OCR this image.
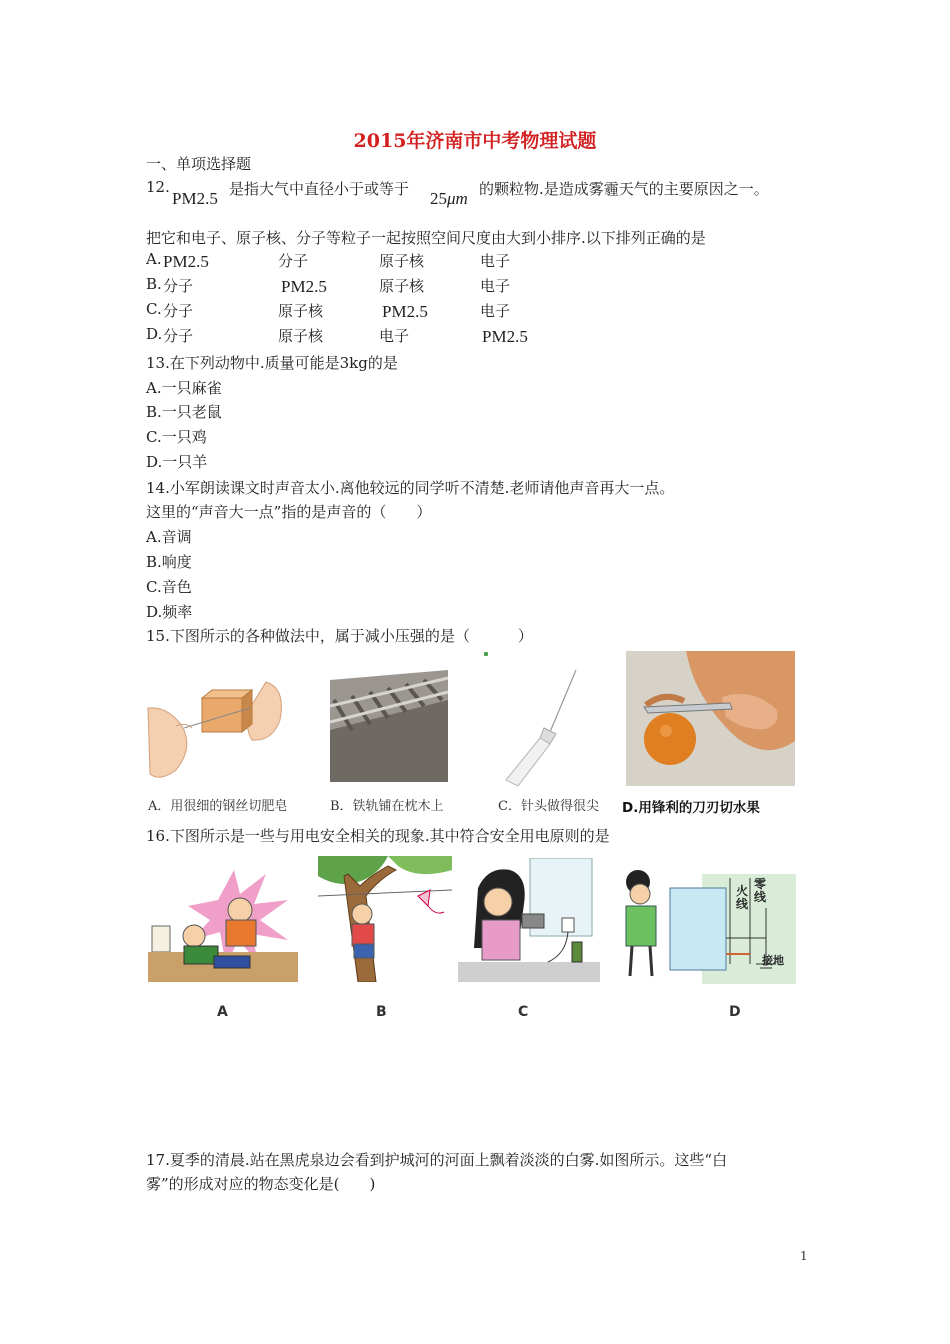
2015年济南市中考物理试题
一、单项选择题
12.
PM2.5 是指大气中直径小于或等于 25μm 的颗粒物.是造成雾霾天气的主要原因之一。
把它和电子、原子核、分子等粒子一起按照空间尺度由大到小排序.以下排列正确的是
A. PM2.5	分子	原子核	电子
B. 分子	PM2.5	原子核	电子
C. 分子	原子核	PM2.5	电子
D. 分子	原子核	电子	PM2.5
13.在下列动物中.质量可能是3kg的是
A.一只麻雀
B.一只老鼠
C.一只鸡
D.一只羊
14.小军朗读课文时声音太小.离他较远的同学听不清楚.老师请他声音再大一点。
这里的“声音大一点”指的是声音的（　　）
A.音调
B.响度
C.音色
D.频率
15.下图所示的各种做法中，属于减小压强的是（	）
A．用很细的钢丝切肥皂	B．铁轨铺在枕木上	C．针头做得很尖 D.用锋利的刀刃切水果
16.下图所示是一些与用电安全相关的现象.其中符合安全用电原则的是
火线
零线
接地
A	B	C	D
17.夏季的清晨.站在黑虎泉边会看到护城河的河面上飘着淡淡的白雾.如图所示。这些“白
雾”的形成对应的物态变化是(　　)
1
